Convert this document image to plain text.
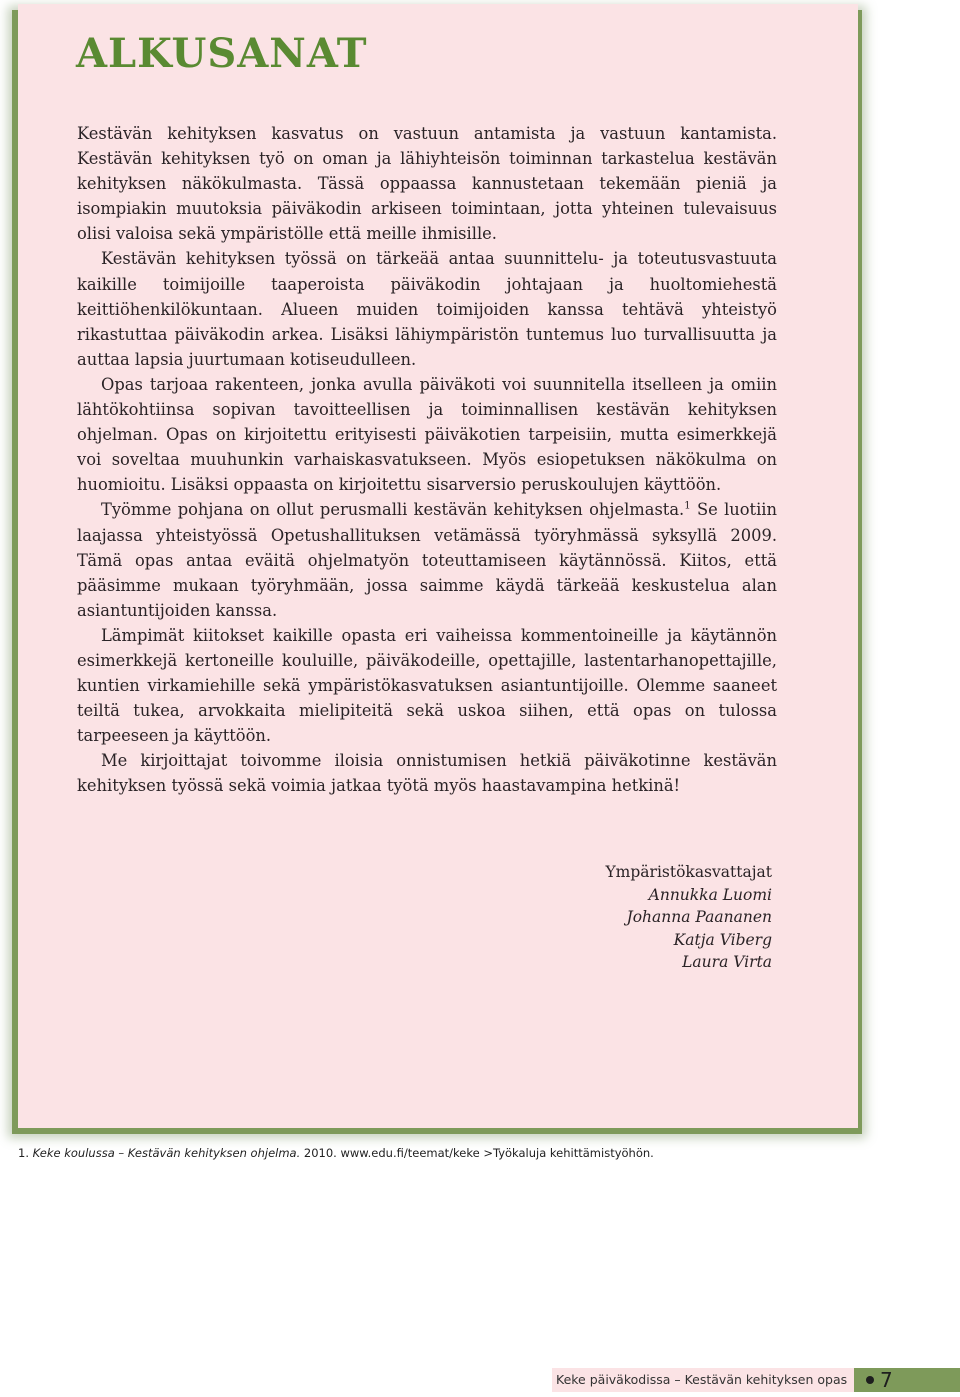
ALKUSANAT

Kestävän kehityksen kasvatus on vastuun antamista ja vastuun kantamista. Kestävän kehityksen työ on oman ja lähiyhteisön toiminnan tarkastelua kestävän kehityksen näkökulmasta. Tässä oppaassa kannustetaan tekemään pieniä ja isompiakin muutoksia päiväkodin arkiseen toimintaan, jotta yhteinen tulevaisuus olisi valoisa sekä ympäristölle että meille ihmisille.

Kestävän kehityksen työssä on tärkeää antaa suunnittelu- ja toteutusvastuuta kaikille toimijoille taaperoista päiväkodin johtajaan ja huoltomiehestä keittiöhenkilökuntaan. Alueen muiden toimijoiden kanssa tehtävä yhteistyö rikastuttaa päiväkodin arkea. Lisäksi lähiympäristön tuntemus luo turvallisuutta ja auttaa lapsia juurtumaan kotiseudulleen.

Opas tarjoaa rakenteen, jonka avulla päiväkoti voi suunnitella itselleen ja omiin lähtökohtiinsa sopivan tavoitteellisen ja toiminnallisen kestävän kehityksen ohjelman. Opas on kirjoitettu erityisesti päiväkotien tarpeisiin, mutta esimerkkejä voi soveltaa muuhunkin varhaiskasvatukseen. Myös esiopetuksen näkökulma on huomioitu. Lisäksi oppaasta on kirjoitettu sisarversio peruskoulujen käyttöön.

Työmme pohjana on ollut perusmalli kestävän kehityksen ohjelmasta.$^1$ Se luotiin laajassa yhteistyössä Opetushallituksen vetämässä työryhmässä syksyllä 2009. Tämä opas antaa eväitä ohjelmatyön toteuttamiseen käytännössä. Kiitos, että pääsimme mukaan työryhmään, jossa saimme käydä tärkeää keskustelua alan asiantuntijoiden kanssa.

Lämpimät kiitokset kaikille opasta eri vaiheissa kommentoineille ja käytännön esimerkkejä kertoneille kouluille, päiväkodeille, opettajille, lastentarhanopettajille, kuntien virkamiehille sekä ympäristökasvatuksen asiantuntijoille. Olemme saaneet teiltä tukea, arvokkaita mielipiteitä sekä uskoa siihen, että opas on tulossa tarpeeseen ja käyttöön.

Me kirjoittajat toivomme iloisia onnistumisen hetkiä päiväkotinne kestävän kehityksen työssä sekä voimia jatkaa työtä myös haastavampina hetkinä!

Ympäristökasvattajat
Annukka Luomi
Johanna Paananen
Katja Viberg
Laura Virta
1. Keke koulussa – Kestävän kehityksen ohjelma. 2010. www.edu.fi/teemat/keke >Työkaluja kehittämistyöhön.
Keke päiväkodissa – Kestävän kehityksen opas	7
